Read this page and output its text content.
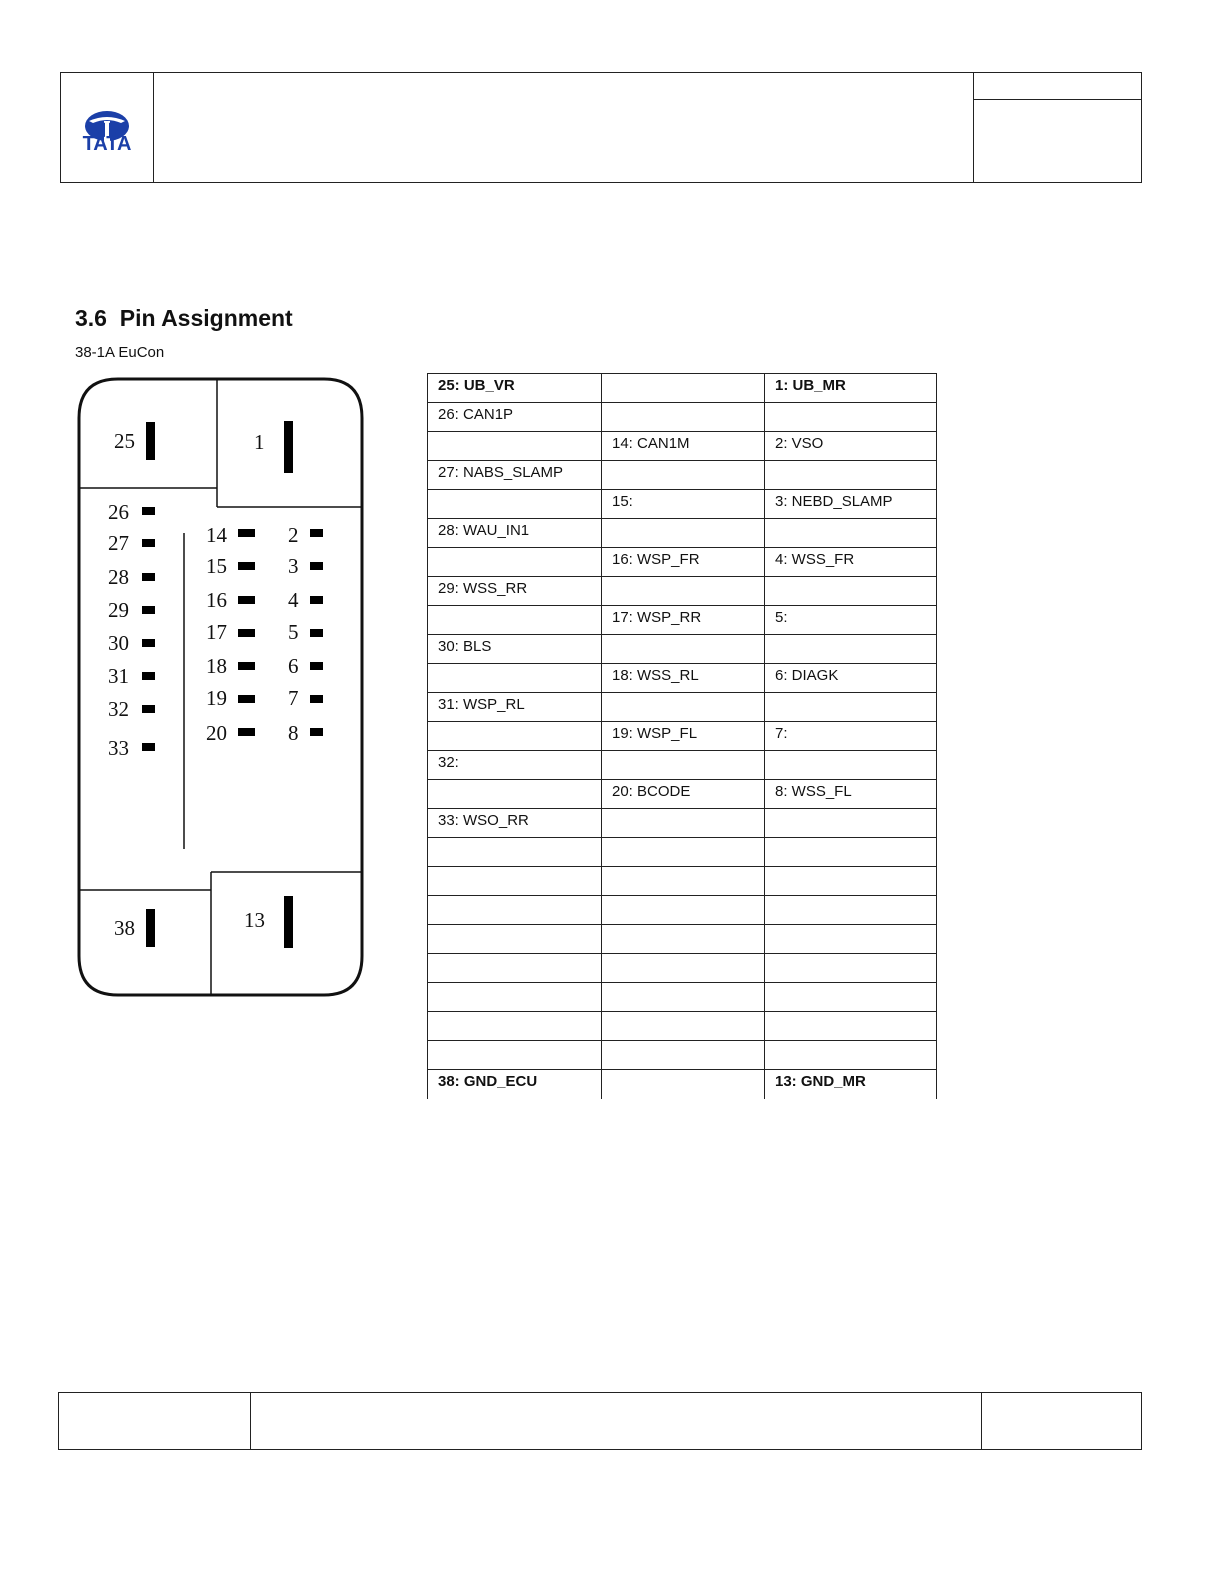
TATA
3.6  Pin Assignment
38-1A EuCon
25	1
38	13
26
27
28
29
30
31
32
33
14
15
16
17
18
19
20
2
3
4
5
6
7
8
25: UB_VR		1: UB_MR

26: CAN1P		

	14: CAN1M	2: VSO

27: NABS_SLAMP		

	15:	3: NEBD_SLAMP

28: WAU_IN1		

	16: WSP_FR	4: WSS_FR

29: WSS_RR		

	17: WSP_RR	5:

30: BLS		

	18: WSS_RL	6: DIAGK

31: WSP_RL		

	19: WSP_FL	7:

32:		

	20: BCODE	8: WSS_FL

33: WSO_RR		

38: GND_ECU		13: GND_MR
